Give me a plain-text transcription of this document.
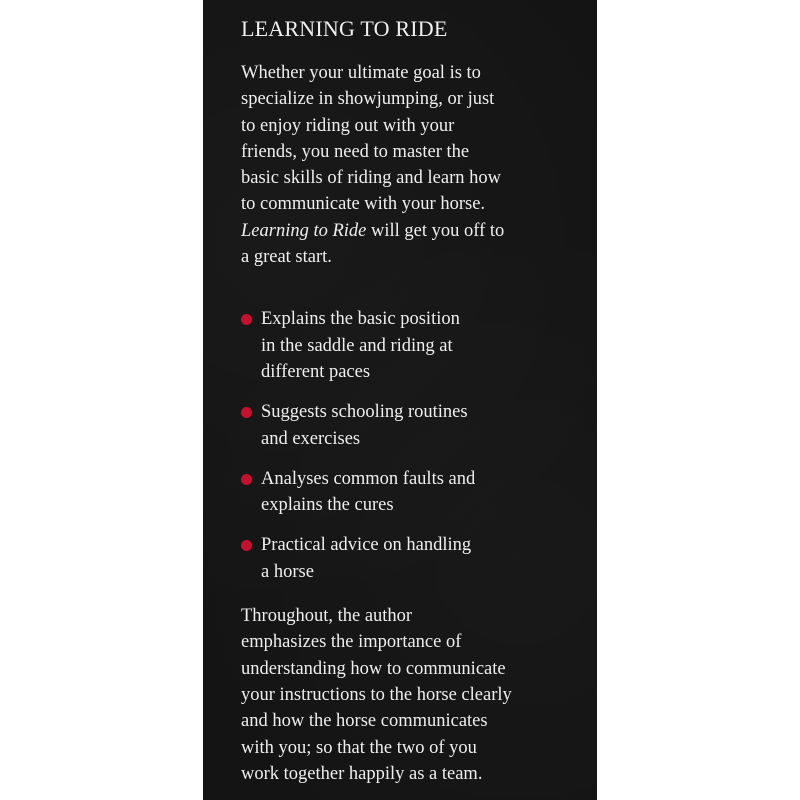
LEARNING TO RIDE

Whether your ultimate goal is to
specialize in showjumping, or just
to enjoy riding out with your
friends, you need to master the
basic skills of riding and learn how
to communicate with your horse.
Learning to Ride will get you off to
a great start.

Explains the basic position
in the saddle and riding at
different paces
Suggests schooling routines
and exercises
Analyses common faults and
explains the cures
Practical advice on handling
a horse

Throughout, the author
emphasizes the importance of
understanding how to communicate
your instructions to the horse clearly
and how the horse communicates
with you; so that the two of you
work together happily as a team.
